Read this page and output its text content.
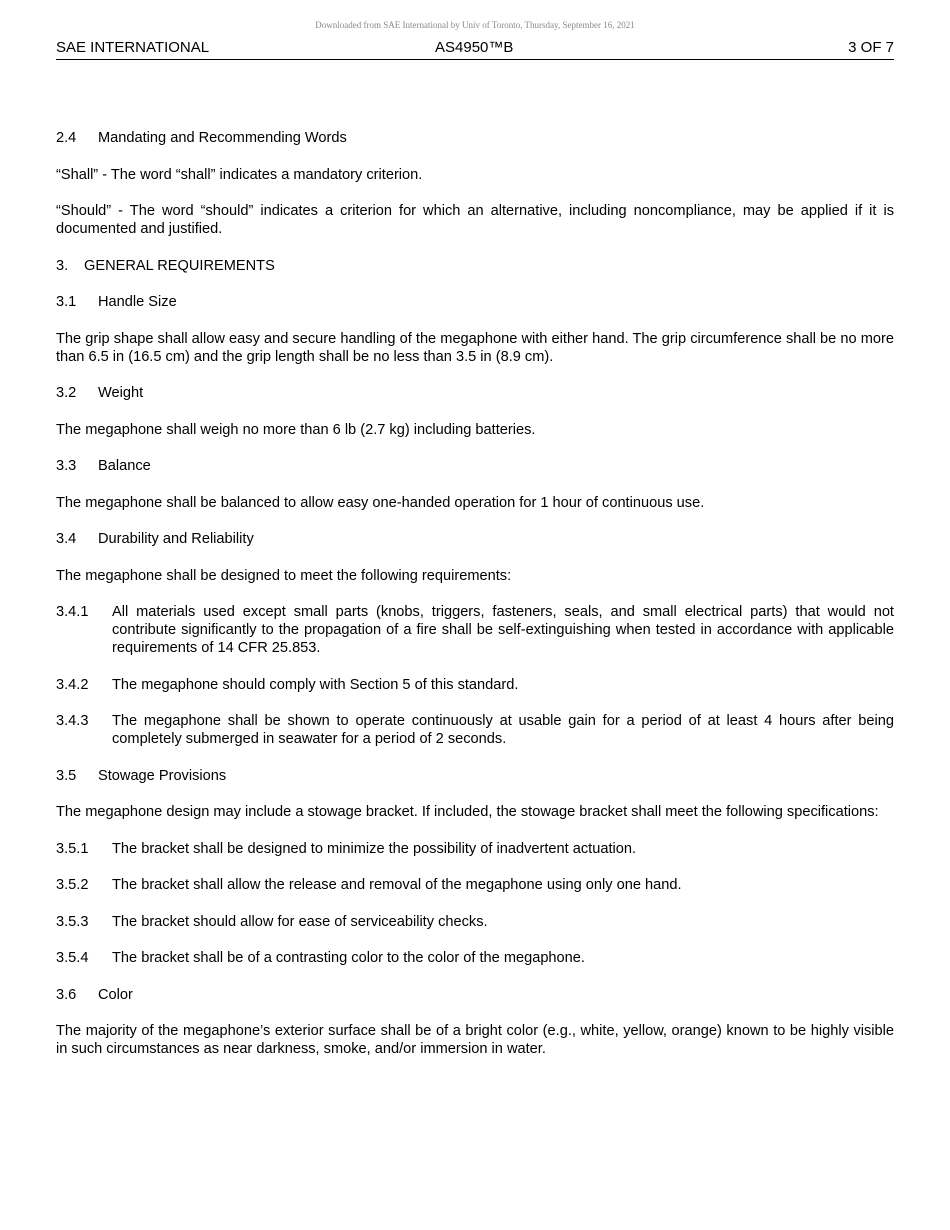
Downloaded from SAE International by Univ of Toronto, Thursday, September 16, 2021
SAE INTERNATIONAL	AS4950™B	3 OF 7
2.4 Mandating and Recommending Words

“Shall” - The word “shall” indicates a mandatory criterion.

“Should” - The word “should” indicates a criterion for which an alternative, including noncompliance, may be applied if it is documented and justified.

3. GENERAL REQUIREMENTS
3.1 Handle Size

The grip shape shall allow easy and secure handling of the megaphone with either hand. The grip circumference shall be no more than 6.5 in (16.5 cm) and the grip length shall be no less than 3.5 in (8.9 cm).

3.2 Weight

The megaphone shall weigh no more than 6 lb (2.7 kg) including batteries.

3.3 Balance

The megaphone shall be balanced to allow easy one-handed operation for 1 hour of continuous use.

3.4 Durability and Reliability

The megaphone shall be designed to meet the following requirements:

3.4.1 All materials used except small parts (knobs, triggers, fasteners, seals, and small electrical parts) that would not contribute significantly to the propagation of a fire shall be self-extinguishing when tested in accordance with applicable requirements of 14 CFR 25.853.
3.4.2 The megaphone should comply with Section 5 of this standard.
3.4.3 The megaphone shall be shown to operate continuously at usable gain for a period of at least 4 hours after being completely submerged in seawater for a period of 2 seconds.
3.5 Stowage Provisions

The megaphone design may include a stowage bracket. If included, the stowage bracket shall meet the following specifications:

3.5.1 The bracket shall be designed to minimize the possibility of inadvertent actuation.
3.5.2 The bracket shall allow the release and removal of the megaphone using only one hand.
3.5.3 The bracket should allow for ease of serviceability checks.
3.5.4 The bracket shall be of a contrasting color to the color of the megaphone.
3.6 Color

The majority of the megaphone’s exterior surface shall be of a bright color (e.g., white, yellow, orange) known to be highly visible in such circumstances as near darkness, smoke, and/or immersion in water.
